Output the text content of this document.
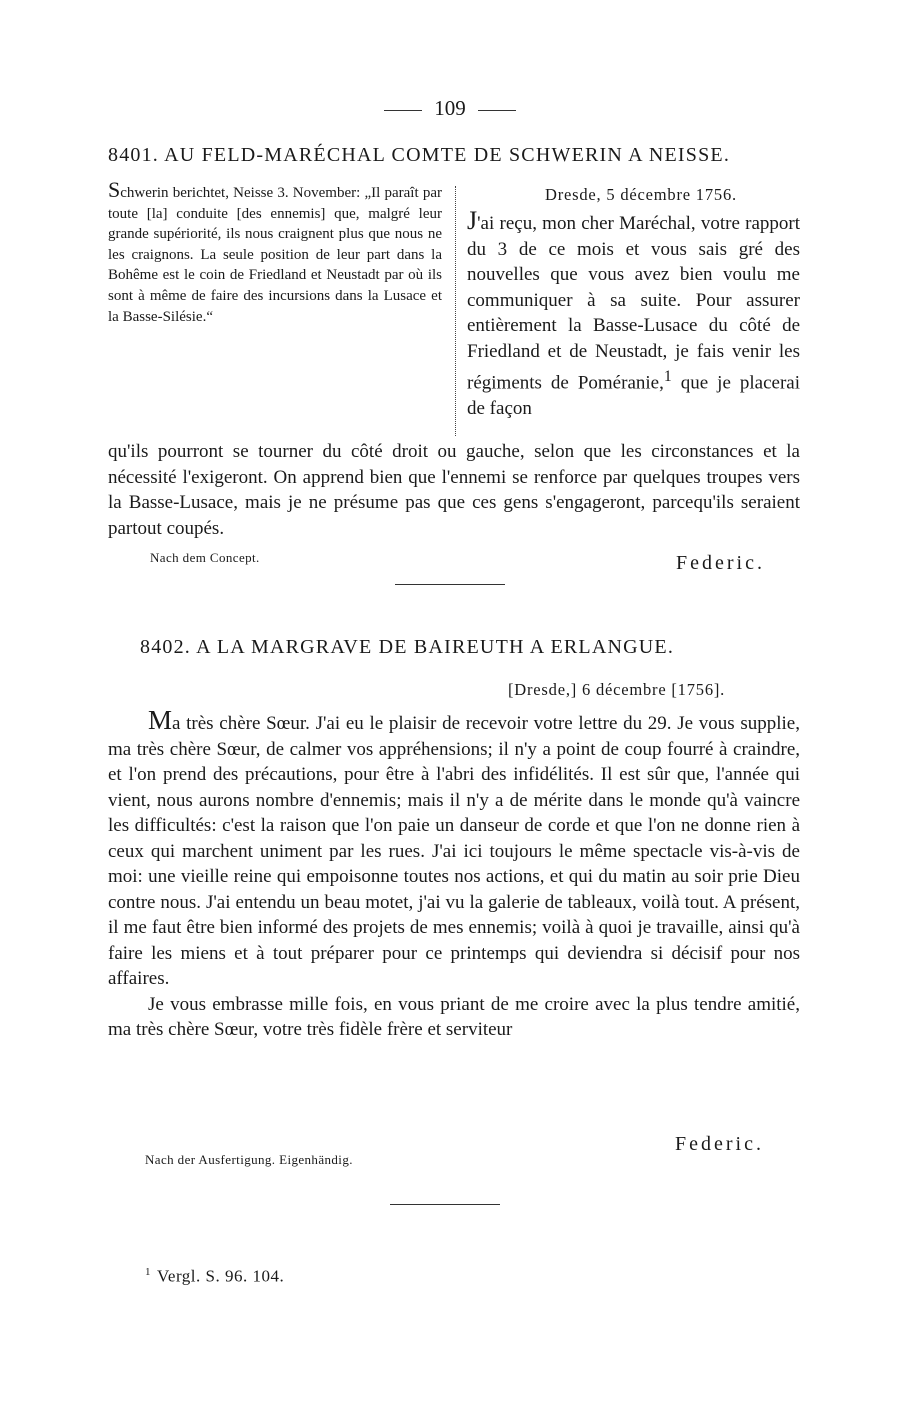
109
8401. AU FELD-MARÉCHAL COMTE DE SCHWERIN A NEISSE.
Schwerin berichtet, Neisse 3. November: „Il paraît par toute [la] conduite [des ennemis] que, malgré leur grande supériorité, ils nous craignent plus que nous ne les craignons. La seule position de leur part dans la Bohême est le coin de Friedland et Neustadt par où ils sont à même de faire des incursions dans la Lusace et la Basse-Silésie.“
Dresde, 5 décembre 1756.
J'ai reçu, mon cher Maréchal, votre rapport du 3 de ce mois et vous sais gré des nouvelles que vous avez bien voulu me communiquer à sa suite. Pour assurer entièrement la Basse-Lusace du côté de Friedland et de Neustadt, je fais venir les régiments de Poméranie,$^1$ que je placerai de façon
qu'ils pourront se tourner du côté droit ou gauche, selon que les circonstances et la nécessité l'exigeront. On apprend bien que l'ennemi se renforce par quelques troupes vers la Basse-Lusace, mais je ne présume pas que ces gens s'engageront, parcequ'ils seraient partout coupés.
Nach dem Concept.	Federic.
8402. A LA MARGRAVE DE BAIREUTH A ERLANGUE.
[Dresde,] 6 décembre [1756].

Ma très chère Sœur. J'ai eu le plaisir de recevoir votre lettre du 29. Je vous supplie, ma très chère Sœur, de calmer vos appréhensions; il n'y a point de coup fourré à craindre, et l'on prend des précautions, pour être à l'abri des infidélités. Il est sûr que, l'année qui vient, nous aurons nombre d'ennemis; mais il n'y a de mérite dans le monde qu'à vaincre les difficultés: c'est la raison que l'on paie un danseur de corde et que l'on ne donne rien à ceux qui marchent uniment par les rues. J'ai ici toujours le même spectacle vis-à-vis de moi: une vieille reine qui empoisonne toutes nos actions, et qui du matin au soir prie Dieu contre nous. J'ai entendu un beau motet, j'ai vu la galerie de tableaux, voilà tout. A présent, il me faut être bien informé des projets de mes ennemis; voilà à quoi je travaille, ainsi qu'à faire les miens et à tout préparer pour ce printemps qui deviendra si décisif pour nos affaires.

Je vous embrasse mille fois, en vous priant de me croire avec la plus tendre amitié, ma très chère Sœur, votre très fidèle frère et serviteur

Federic.
Nach der Ausfertigung. Eigenhändig.
$^1$ Vergl. S. 96. 104.
